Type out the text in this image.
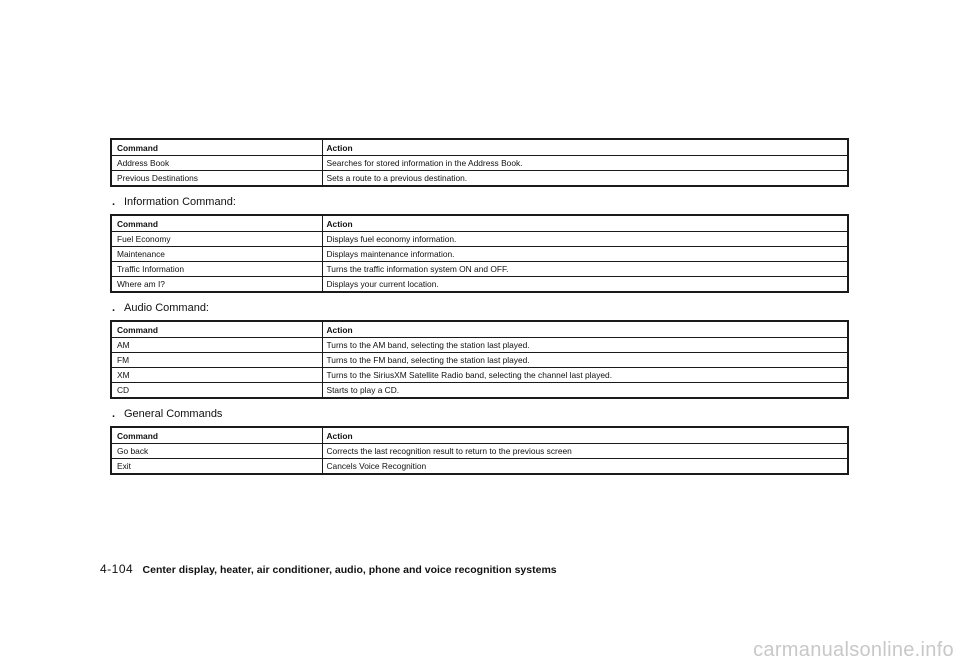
Command	Action
Address Book	Searches for stored information in the Address Book.
Previous Destinations	Sets a route to a previous destination.
. Information Command:
Command	Action
Fuel Economy	Displays fuel economy information.
Maintenance	Displays maintenance information.
Traffic Information	Turns the traffic information system ON and OFF.
Where am I?	Displays your current location.
. Audio Command:
Command	Action
AM	Turns to the AM band, selecting the station last played.
FM	Turns to the FM band, selecting the station last played.
XM	Turns to the SiriusXM Satellite Radio band, selecting the channel last played.
CD	Starts to play a CD.
. General Commands
Command	Action
Go back	Corrects the last recognition result to return to the previous screen
Exit	Cancels Voice Recognition
4-104 Center display, heater, air conditioner, audio, phone and voice recognition systems
carmanualsonline.info
